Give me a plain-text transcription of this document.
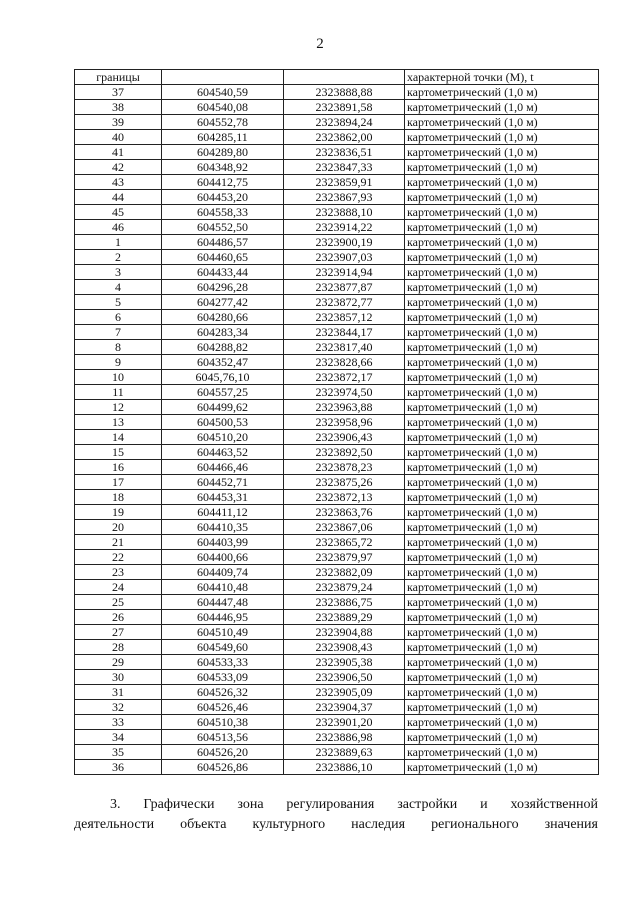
2
границы			характерной точки (М), t
37	604540,59	2323888,88	картометрический (1,0 м)
38	604540,08	2323891,58	картометрический (1,0 м)
39	604552,78	2323894,24	картометрический (1,0 м)
40	604285,11	2323862,00	картометрический (1,0 м)
41	604289,80	2323836,51	картометрический (1,0 м)
42	604348,92	2323847,33	картометрический (1,0 м)
43	604412,75	2323859,91	картометрический (1,0 м)
44	604453,20	2323867,93	картометрический (1,0 м)
45	604558,33	2323888,10	картометрический (1,0 м)
46	604552,50	2323914,22	картометрический (1,0 м)
1	604486,57	2323900,19	картометрический (1,0 м)
2	604460,65	2323907,03	картометрический (1,0 м)
3	604433,44	2323914,94	картометрический (1,0 м)
4	604296,28	2323877,87	картометрический (1,0 м)
5	604277,42	2323872,77	картометрический (1,0 м)
6	604280,66	2323857,12	картометрический (1,0 м)
7	604283,34	2323844,17	картометрический (1,0 м)
8	604288,82	2323817,40	картометрический (1,0 м)
9	604352,47	2323828,66	картометрический (1,0 м)
10	6045,76,10	2323872,17	картометрический (1,0 м)
11	604557,25	2323974,50	картометрический (1,0 м)
12	604499,62	2323963,88	картометрический (1,0 м)
13	604500,53	2323958,96	картометрический (1,0 м)
14	604510,20	2323906,43	картометрический (1,0 м)
15	604463,52	2323892,50	картометрический (1,0 м)
16	604466,46	2323878,23	картометрический (1,0 м)
17	604452,71	2323875,26	картометрический (1,0 м)
18	604453,31	2323872,13	картометрический (1,0 м)
19	604411,12	2323863,76	картометрический (1,0 м)
20	604410,35	2323867,06	картометрический (1,0 м)
21	604403,99	2323865,72	картометрический (1,0 м)
22	604400,66	2323879,97	картометрический (1,0 м)
23	604409,74	2323882,09	картометрический (1,0 м)
24	604410,48	2323879,24	картометрический (1,0 м)
25	604447,48	2323886,75	картометрический (1,0 м)
26	604446,95	2323889,29	картометрический (1,0 м)
27	604510,49	2323904,88	картометрический (1,0 м)
28	604549,60	2323908,43	картометрический (1,0 м)
29	604533,33	2323905,38	картометрический (1,0 м)
30	604533,09	2323906,50	картометрический (1,0 м)
31	604526,32	2323905,09	картометрический (1,0 м)
32	604526,46	2323904,37	картометрический (1,0 м)
33	604510,38	2323901,20	картометрический (1,0 м)
34	604513,56	2323886,98	картометрический (1,0 м)
35	604526,20	2323889,63	картометрический (1,0 м)
36	604526,86	2323886,10	картометрический (1,0 м)
3. Графически зона регулирования застройки и хозяйственной
деятельности объекта культурного наследия регионального значения
